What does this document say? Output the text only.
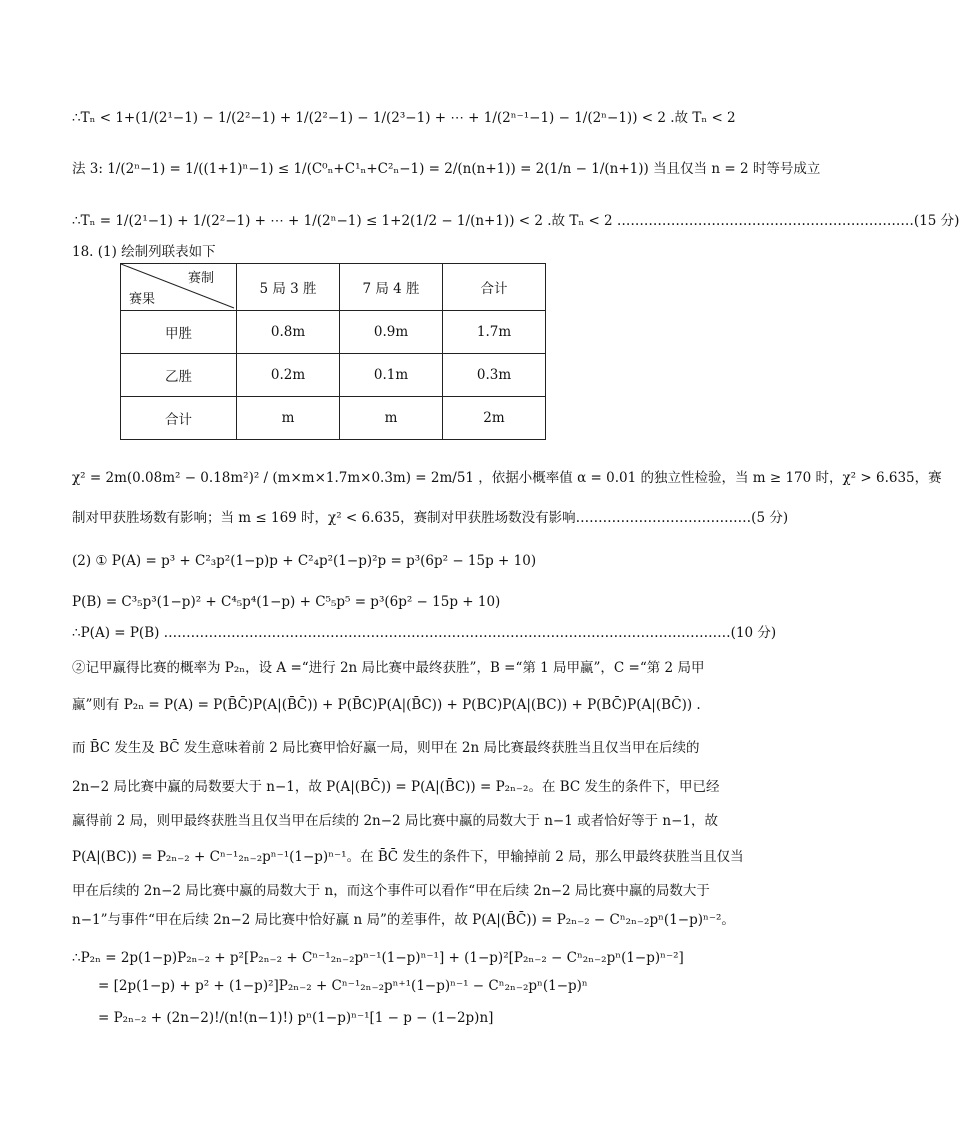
∴Tₙ < 1+(1/(2¹−1) − 1/(2²−1) + 1/(2²−1) − 1/(2³−1) + ⋯ + 1/(2ⁿ⁻¹−1) − 1/(2ⁿ−1)) < 2 .故 Tₙ < 2
法 3: 1/(2ⁿ−1) = 1/((1+1)ⁿ−1) ≤ 1/(C⁰ₙ+C¹ₙ+C²ₙ−1) = 2/(n(n+1)) = 2(1/n − 1/(n+1)) 当且仅当 n = 2 时等号成立
∴Tₙ = 1/(2¹−1) + 1/(2²−1) + ⋯ + 1/(2ⁿ−1) ≤ 1+2(1/2 − 1/(n+1)) < 2 .故 Tₙ < 2 …………………………………………………………(15 分)
18. (1) 绘制列联表如下
赛制
赛果	5 局 3 胜	7 局 4 胜	合计
甲胜	0.8m	0.9m	1.7m
乙胜	0.2m	0.1m	0.3m
合计	m	m	2m
χ² = 2m(0.08m² − 0.18m²)² / (m×m×1.7m×0.3m) = 2m/51 ，依据小概率值 α = 0.01 的独立性检验，当 m ≥ 170 时，χ² > 6.635，赛
制对甲获胜场数有影响；当 m ≤ 169 时，χ² < 6.635，赛制对甲获胜场数没有影响…………………………………(5 分)
(2) ① P(A) = p³ + C²₃p²(1−p)p + C²₄p²(1−p)²p = p³(6p² − 15p + 10)
P(B) = C³₅p³(1−p)² + C⁴₅p⁴(1−p) + C⁵₅p⁵ = p³(6p² − 15p + 10)
∴P(A) = P(B) ………………………………………………………………………………………………………………(10 分)
②记甲赢得比赛的概率为 P₂ₙ，设 A =“进行 2n 局比赛中最终获胜”，B =“第 1 局甲赢”，C =“第 2 局甲
赢”则有 P₂ₙ = P(A) = P(B̄C̄)P(A|(B̄C̄)) + P(B̄C)P(A|(B̄C)) + P(BC)P(A|(BC)) + P(BC̄)P(A|(BC̄)) .
而 B̄C 发生及 BC̄ 发生意味着前 2 局比赛甲恰好赢一局，则甲在 2n 局比赛最终获胜当且仅当甲在后续的
2n−2 局比赛中赢的局数要大于 n−1，故 P(A|(BC̄)) = P(A|(B̄C)) = P₂ₙ₋₂。在 BC 发生的条件下，甲已经
赢得前 2 局，则甲最终获胜当且仅当甲在后续的 2n−2 局比赛中赢的局数大于 n−1 或者恰好等于 n−1，故
P(A|(BC)) = P₂ₙ₋₂ + Cⁿ⁻¹₂ₙ₋₂pⁿ⁻¹(1−p)ⁿ⁻¹。在 B̄C̄ 发生的条件下，甲输掉前 2 局，那么甲最终获胜当且仅当
甲在后续的 2n−2 局比赛中赢的局数大于 n，而这个事件可以看作“甲在后续 2n−2 局比赛中赢的局数大于
n−1”与事件“甲在后续 2n−2 局比赛中恰好赢 n 局”的差事件，故 P(A|(B̄C̄)) = P₂ₙ₋₂ − Cⁿ₂ₙ₋₂pⁿ(1−p)ⁿ⁻²。
∴P₂ₙ = 2p(1−p)P₂ₙ₋₂ + p²[P₂ₙ₋₂ + Cⁿ⁻¹₂ₙ₋₂pⁿ⁻¹(1−p)ⁿ⁻¹] + (1−p)²[P₂ₙ₋₂ − Cⁿ₂ₙ₋₂pⁿ(1−p)ⁿ⁻²]
= [2p(1−p) + p² + (1−p)²]P₂ₙ₋₂ + Cⁿ⁻¹₂ₙ₋₂pⁿ⁺¹(1−p)ⁿ⁻¹ − Cⁿ₂ₙ₋₂pⁿ(1−p)ⁿ
= P₂ₙ₋₂ + (2n−2)!/(n!(n−1)!) pⁿ(1−p)ⁿ⁻¹[1 − p − (1−2p)n]
